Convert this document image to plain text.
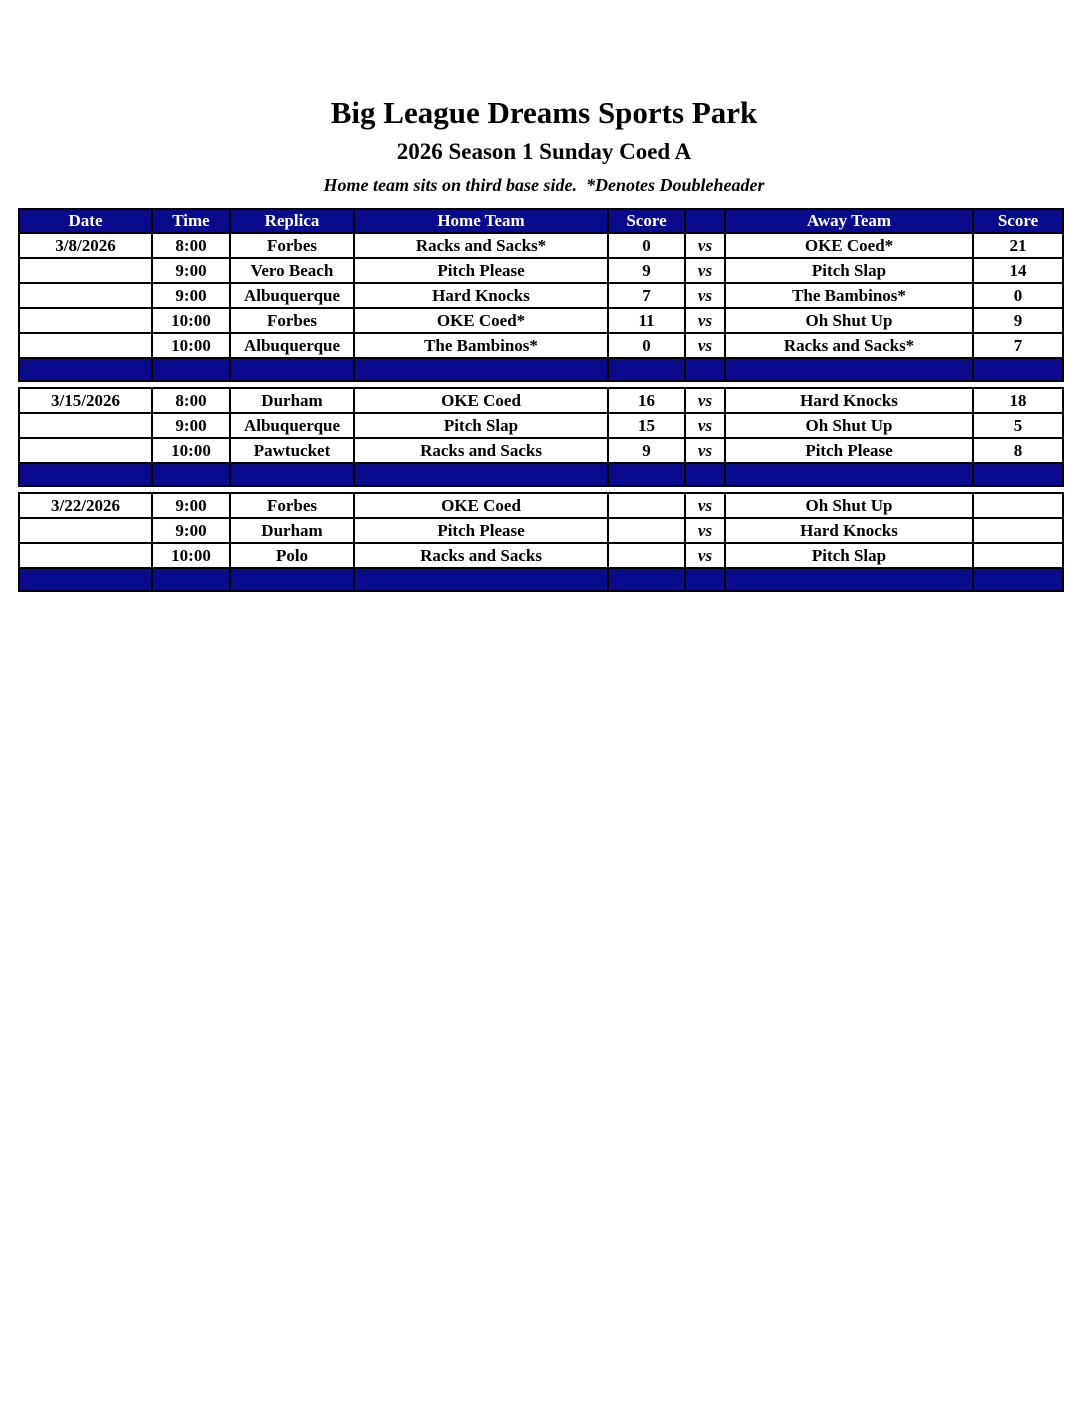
Big League Dreams Sports Park
2026 Season 1 Sunday Coed A
Home team sits on third base side.  *Denotes Doubleheader
Date	Time	Replica	Home Team	Score		Away Team	Score
3/8/2026	8:00	Forbes	Racks and Sacks*	0	vs	OKE Coed*	21
	9:00	Vero Beach	Pitch Please	9	vs	Pitch Slap	14
	9:00	Albuquerque	Hard Knocks	7	vs	The Bambinos*	0
	10:00	Forbes	OKE Coed*	11	vs	Oh Shut Up	9
	10:00	Albuquerque	The Bambinos*	0	vs	Racks and Sacks*	7

3/15/2026	8:00	Durham	OKE Coed	16	vs	Hard Knocks	18
	9:00	Albuquerque	Pitch Slap	15	vs	Oh Shut Up	5
	10:00	Pawtucket	Racks and Sacks	9	vs	Pitch Please	8

3/22/2026	9:00	Forbes	OKE Coed		vs	Oh Shut Up	
	9:00	Durham	Pitch Please		vs	Hard Knocks	
	10:00	Polo	Racks and Sacks		vs	Pitch Slap	
